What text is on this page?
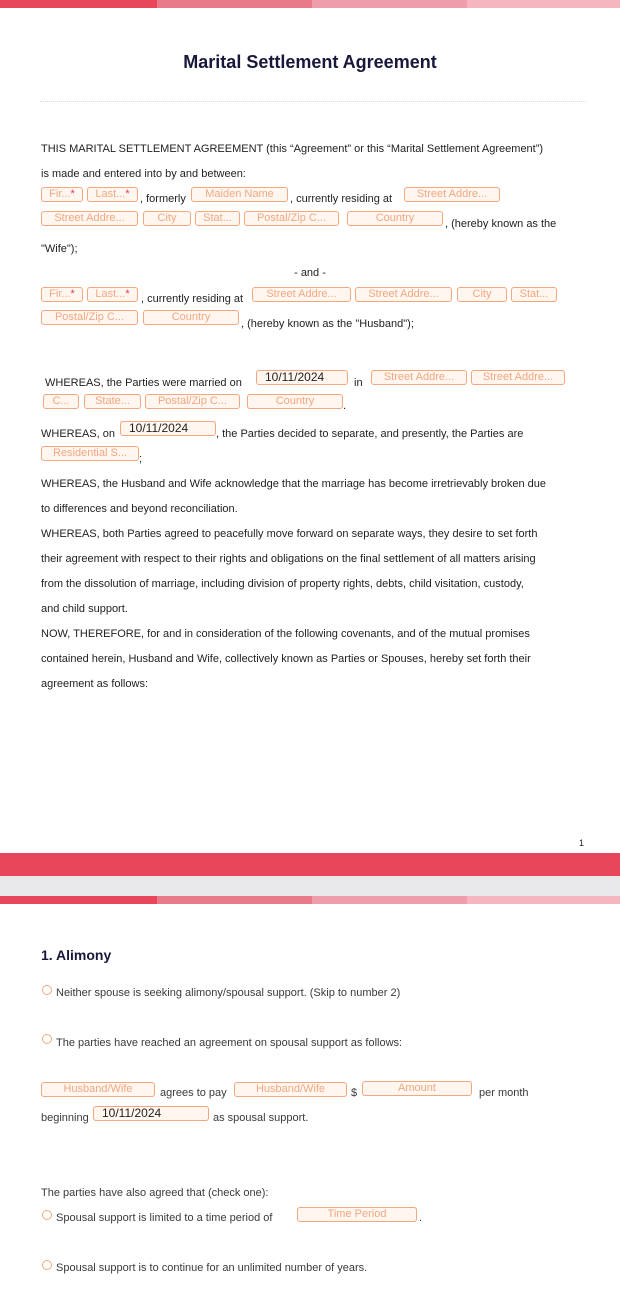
Marital Settlement Agreement
THIS MARITAL SETTLEMENT AGREEMENT (this “Agreement” or this “Marital Settlement Agreement”)
is made and entered into by and between:
Fir...*	Last...* , formerly	Maiden Name	, currently residing at	Street Addre...
Street Addre...	City	Stat...	Postal/Zip C...	Country	, (hereby known as the
"Wife");
- and -
Fir...*	Last...*	, currently residing at	Street Addre...	Street Addre...	City	Stat...
Postal/Zip C...	Country
, (hereby known as the "Husband");
WHEREAS, the Parties were married on	10/11/2024	in	Street Addre...	Street Addre...
C...	State...	Postal/Zip C...	Country	.
WHEREAS, on	10/11/2024	, the Parties decided to separate, and presently, the Parties are
Residential S...	;
WHEREAS, the Husband and Wife acknowledge that the marriage has become irretrievably broken due
to differences and beyond reconciliation.
WHEREAS, both Parties agreed to peacefully move forward on separate ways, they desire to set forth
their agreement with respect to their rights and obligations on the final settlement of all matters arising
from the dissolution of marriage, including division of property rights, debts, child visitation, custody,
and child support.
NOW, THEREFORE, for and in consideration of the following covenants, and of the mutual promises
contained herein, Husband and Wife, collectively known as Parties or Spouses, hereby set forth their
agreement as follows:
1
1. Alimony
Neither spouse is seeking alimony/spousal support. (Skip to number 2)
The parties have reached an agreement on spousal support as follows:
Husband/Wife	agrees to pay	Husband/Wife	$	Amount	per month
beginning	10/11/2024	as spousal support.
The parties have also agreed that (check one):
Spousal support is limited to a time period of	Time Period	.
Spousal support is to continue for an unlimited number of years.
